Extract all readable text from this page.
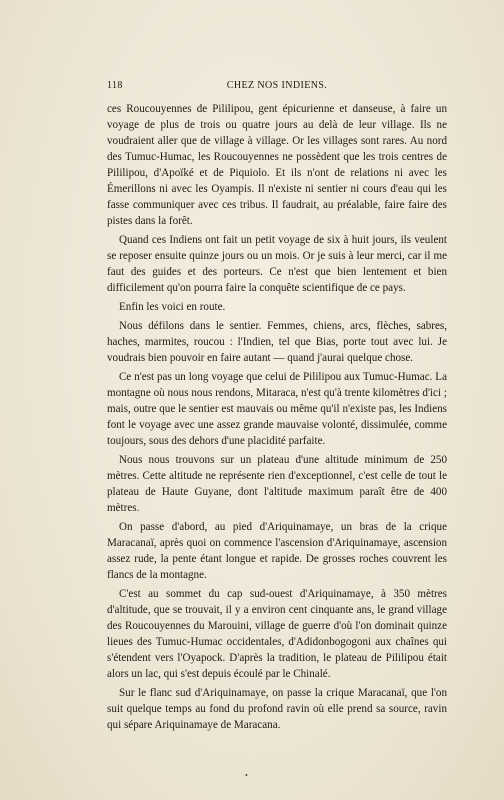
118	CHEZ NOS INDIENS.

ces Roucouyennes de Pililipou, gent épicurienne et danseuse, à faire un voyage de plus de trois ou quatre jours au delà de leur village. Ils ne voudraient aller que de village à village. Or les villages sont rares. Au nord des Tumuc-Humac, les Roucouyennes ne possèdent que les trois centres de Pililipou, d'Apoïké et de Piquiolo. Et ils n'ont de relations ni avec les Émerillons ni avec les Oyampis. Il n'existe ni sentier ni cours d'eau qui les fasse communiquer avec ces tribus. Il faudrait, au préalable, faire faire des pistes dans la forêt.

Quand ces Indiens ont fait un petit voyage de six à huit jours, ils veulent se reposer ensuite quinze jours ou un mois. Or je suis à leur merci, car il me faut des guides et des porteurs. Ce n'est que bien lentement et bien difficilement qu'on pourra faire la conquête scientifique de ce pays.

Enfin les voici en route.

Nous défilons dans le sentier. Femmes, chiens, arcs, flèches, sabres, haches, marmites, roucou : l'Indien, tel que Bias, porte tout avec lui. Je voudrais bien pouvoir en faire autant — quand j'aurai quelque chose.

Ce n'est pas un long voyage que celui de Pililipou aux Tumuc-Humac. La montagne où nous nous rendons, Mitaraca, n'est qu'à trente kilomètres d'ici ; mais, outre que le sentier est mauvais ou même qu'il n'existe pas, les Indiens font le voyage avec une assez grande mauvaise volonté, dissimulée, comme toujours, sous des dehors d'une placidité parfaite.

Nous nous trouvons sur un plateau d'une altitude minimum de 250 mètres. Cette altitude ne représente rien d'exceptionnel, c'est celle de tout le plateau de Haute Guyane, dont l'altitude maximum paraît être de 400 mètres.

On passe d'abord, au pied d'Ariquinamaye, un bras de la crique Maracanaï, après quoi on commence l'ascension d'Ariquinamaye, ascension assez rude, la pente étant longue et rapide. De grosses roches couvrent les flancs de la montagne.

C'est au sommet du cap sud-ouest d'Ariquinamaye, à 350 mètres d'altitude, que se trouvait, il y a environ cent cinquante ans, le grand village des Roucouyennes du Marouini, village de guerre d'où l'on dominait quinze lieues des Tumuc-Humac occidentales, d'Adidonbogogoni aux chaînes qui s'étendent vers l'Oyapock. D'après la tradition, le plateau de Pililipou était alors un lac, qui s'est depuis écoulé par le Chinalé.

Sur le flanc sud d'Ariquinamaye, on passe la crique Maracanaï, que l'on suit quelque temps au fond du profond ravin où elle prend sa source, ravin qui sépare Ariquinamaye de Maracana.

•
